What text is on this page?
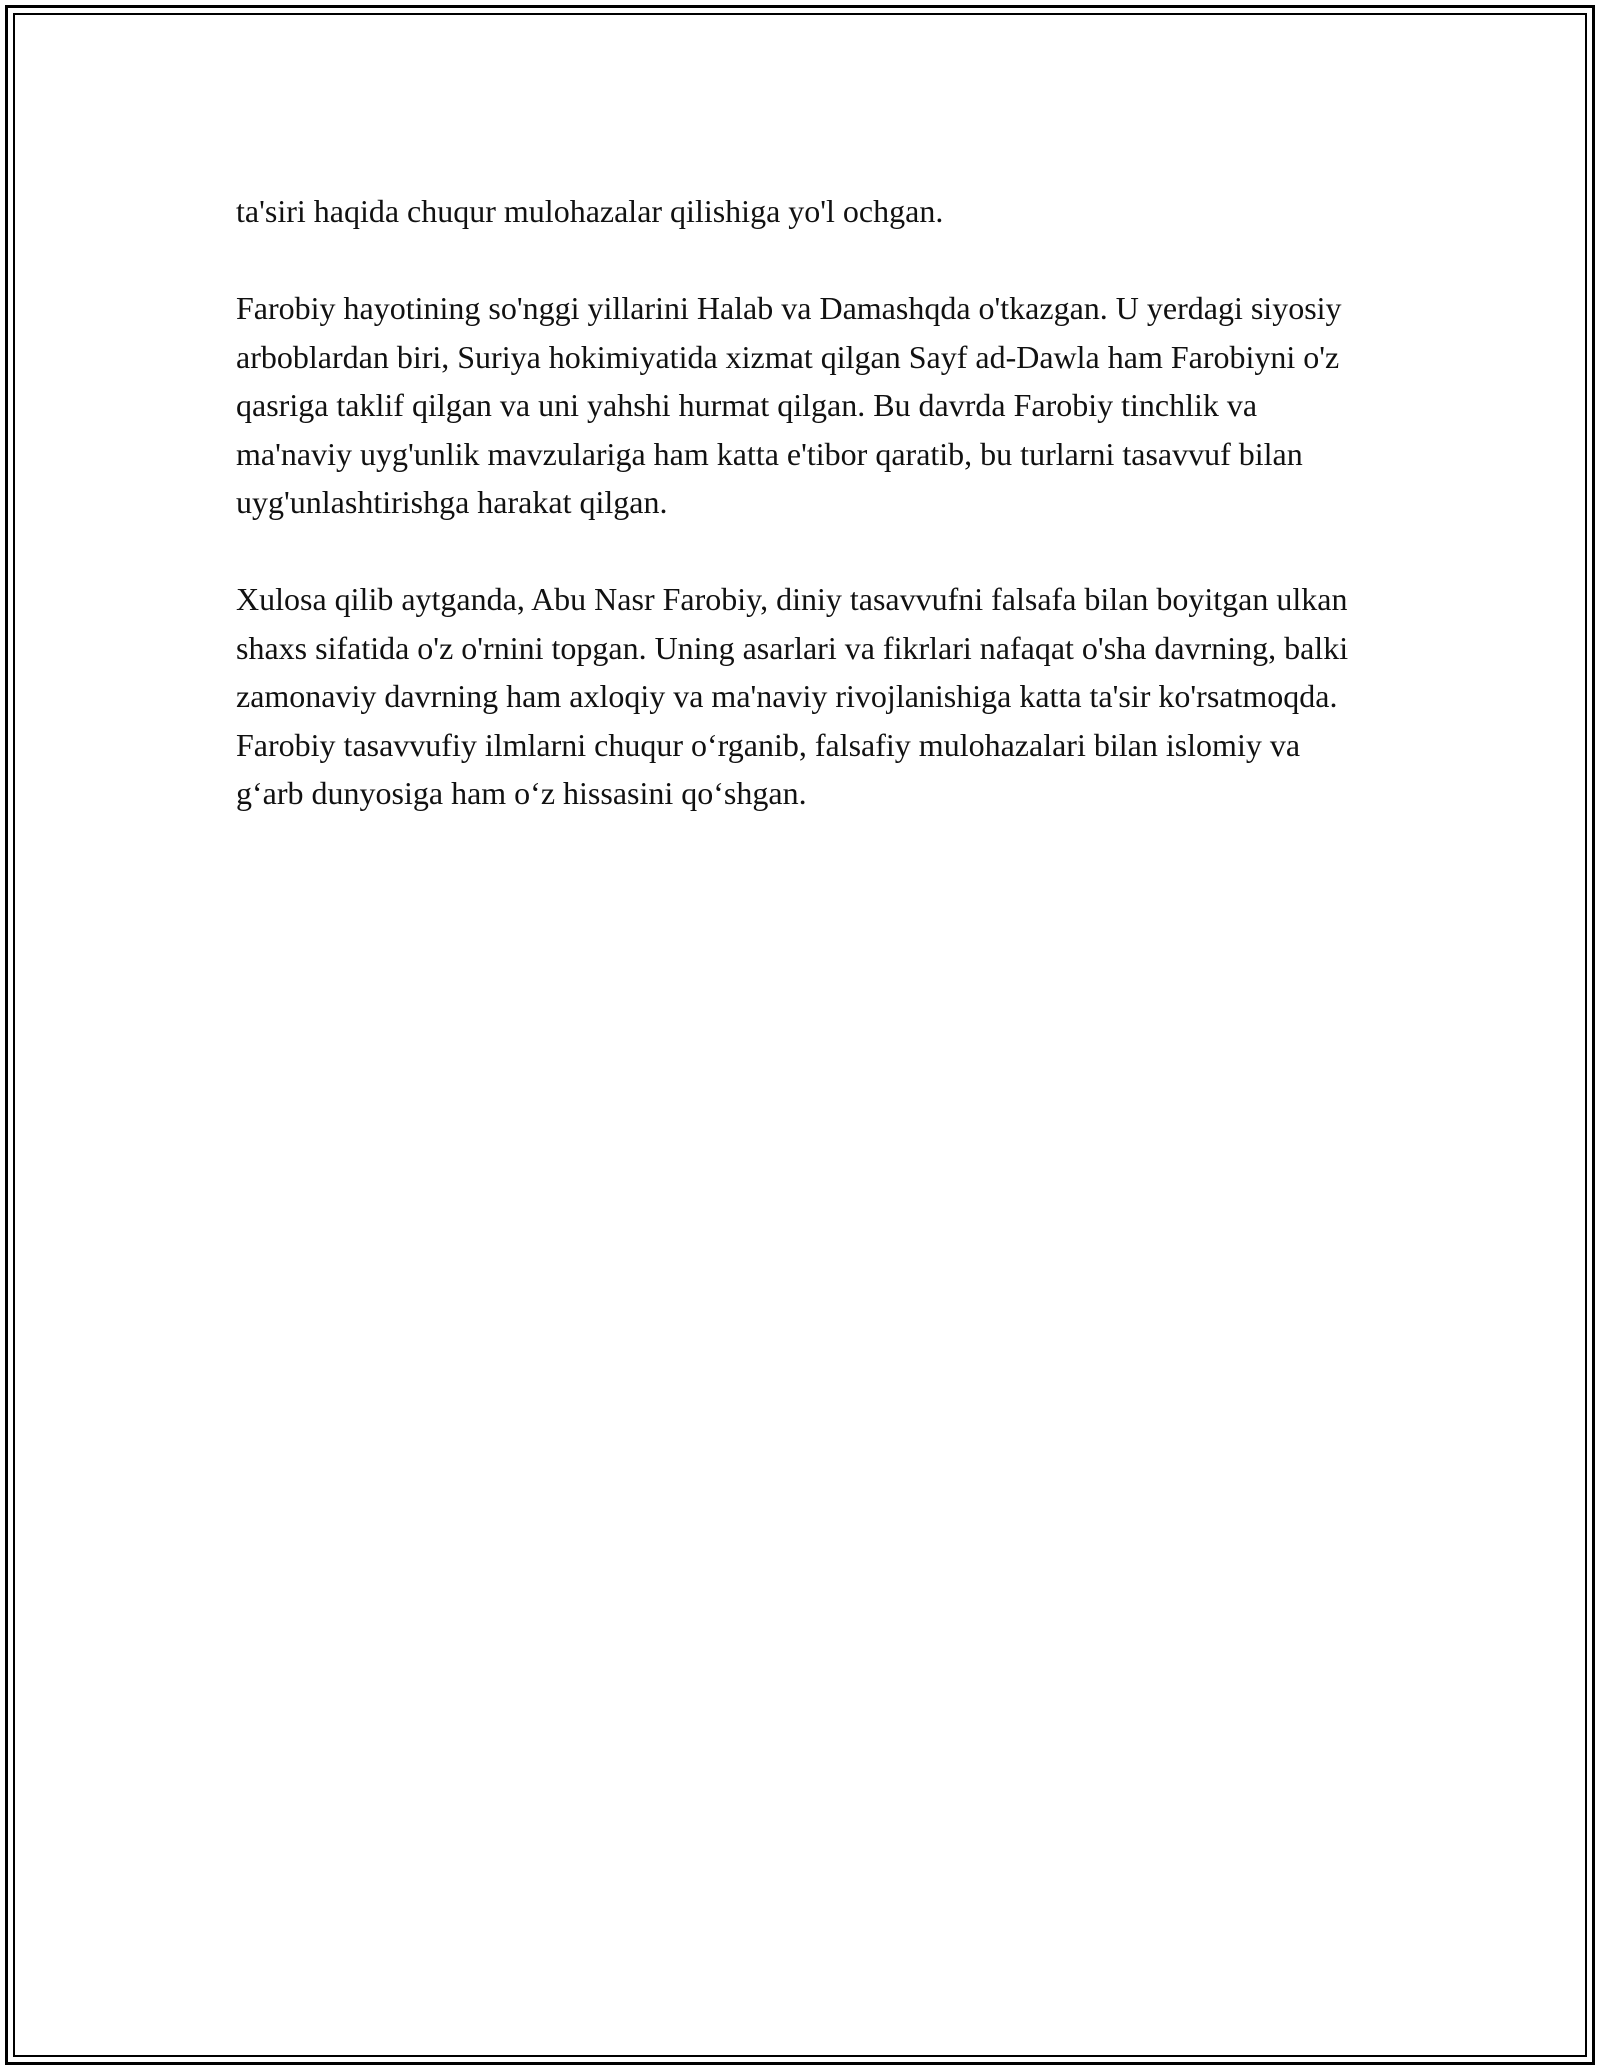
ta'siri haqida chuqur mulohazalar qilishiga yo'l ochgan.

Farobiy hayotining so'nggi yillarini Halab va Damashqda o'tkazgan. U yerdagi siyosiy arboblardan biri, Suriya hokimiyatida xizmat qilgan Sayf ad-Dawla ham Farobiyni o'z qasriga taklif qilgan va uni yahshi hurmat qilgan. Bu davrda Farobiy tinchlik va ma'naviy uyg'unlik mavzulariga ham katta e'tibor qaratib, bu turlarni tasavvuf bilan uyg'unlashtirishga harakat qilgan.

Xulosa qilib aytganda, Abu Nasr Farobiy, diniy tasavvufni falsafa bilan boyitgan ulkan shaxs sifatida o'z o'rnini topgan. Uning asarlari va fikrlari nafaqat o'sha davrning, balki zamonaviy davrning ham axloqiy va ma'naviy rivojlanishiga katta ta'sir ko'rsatmoqda. Farobiy tasavvufiy ilmlarni chuqur o‘rganib, falsafiy mulohazalari bilan islomiy va g‘arb dunyosiga ham o‘z hissasini qo‘shgan.
